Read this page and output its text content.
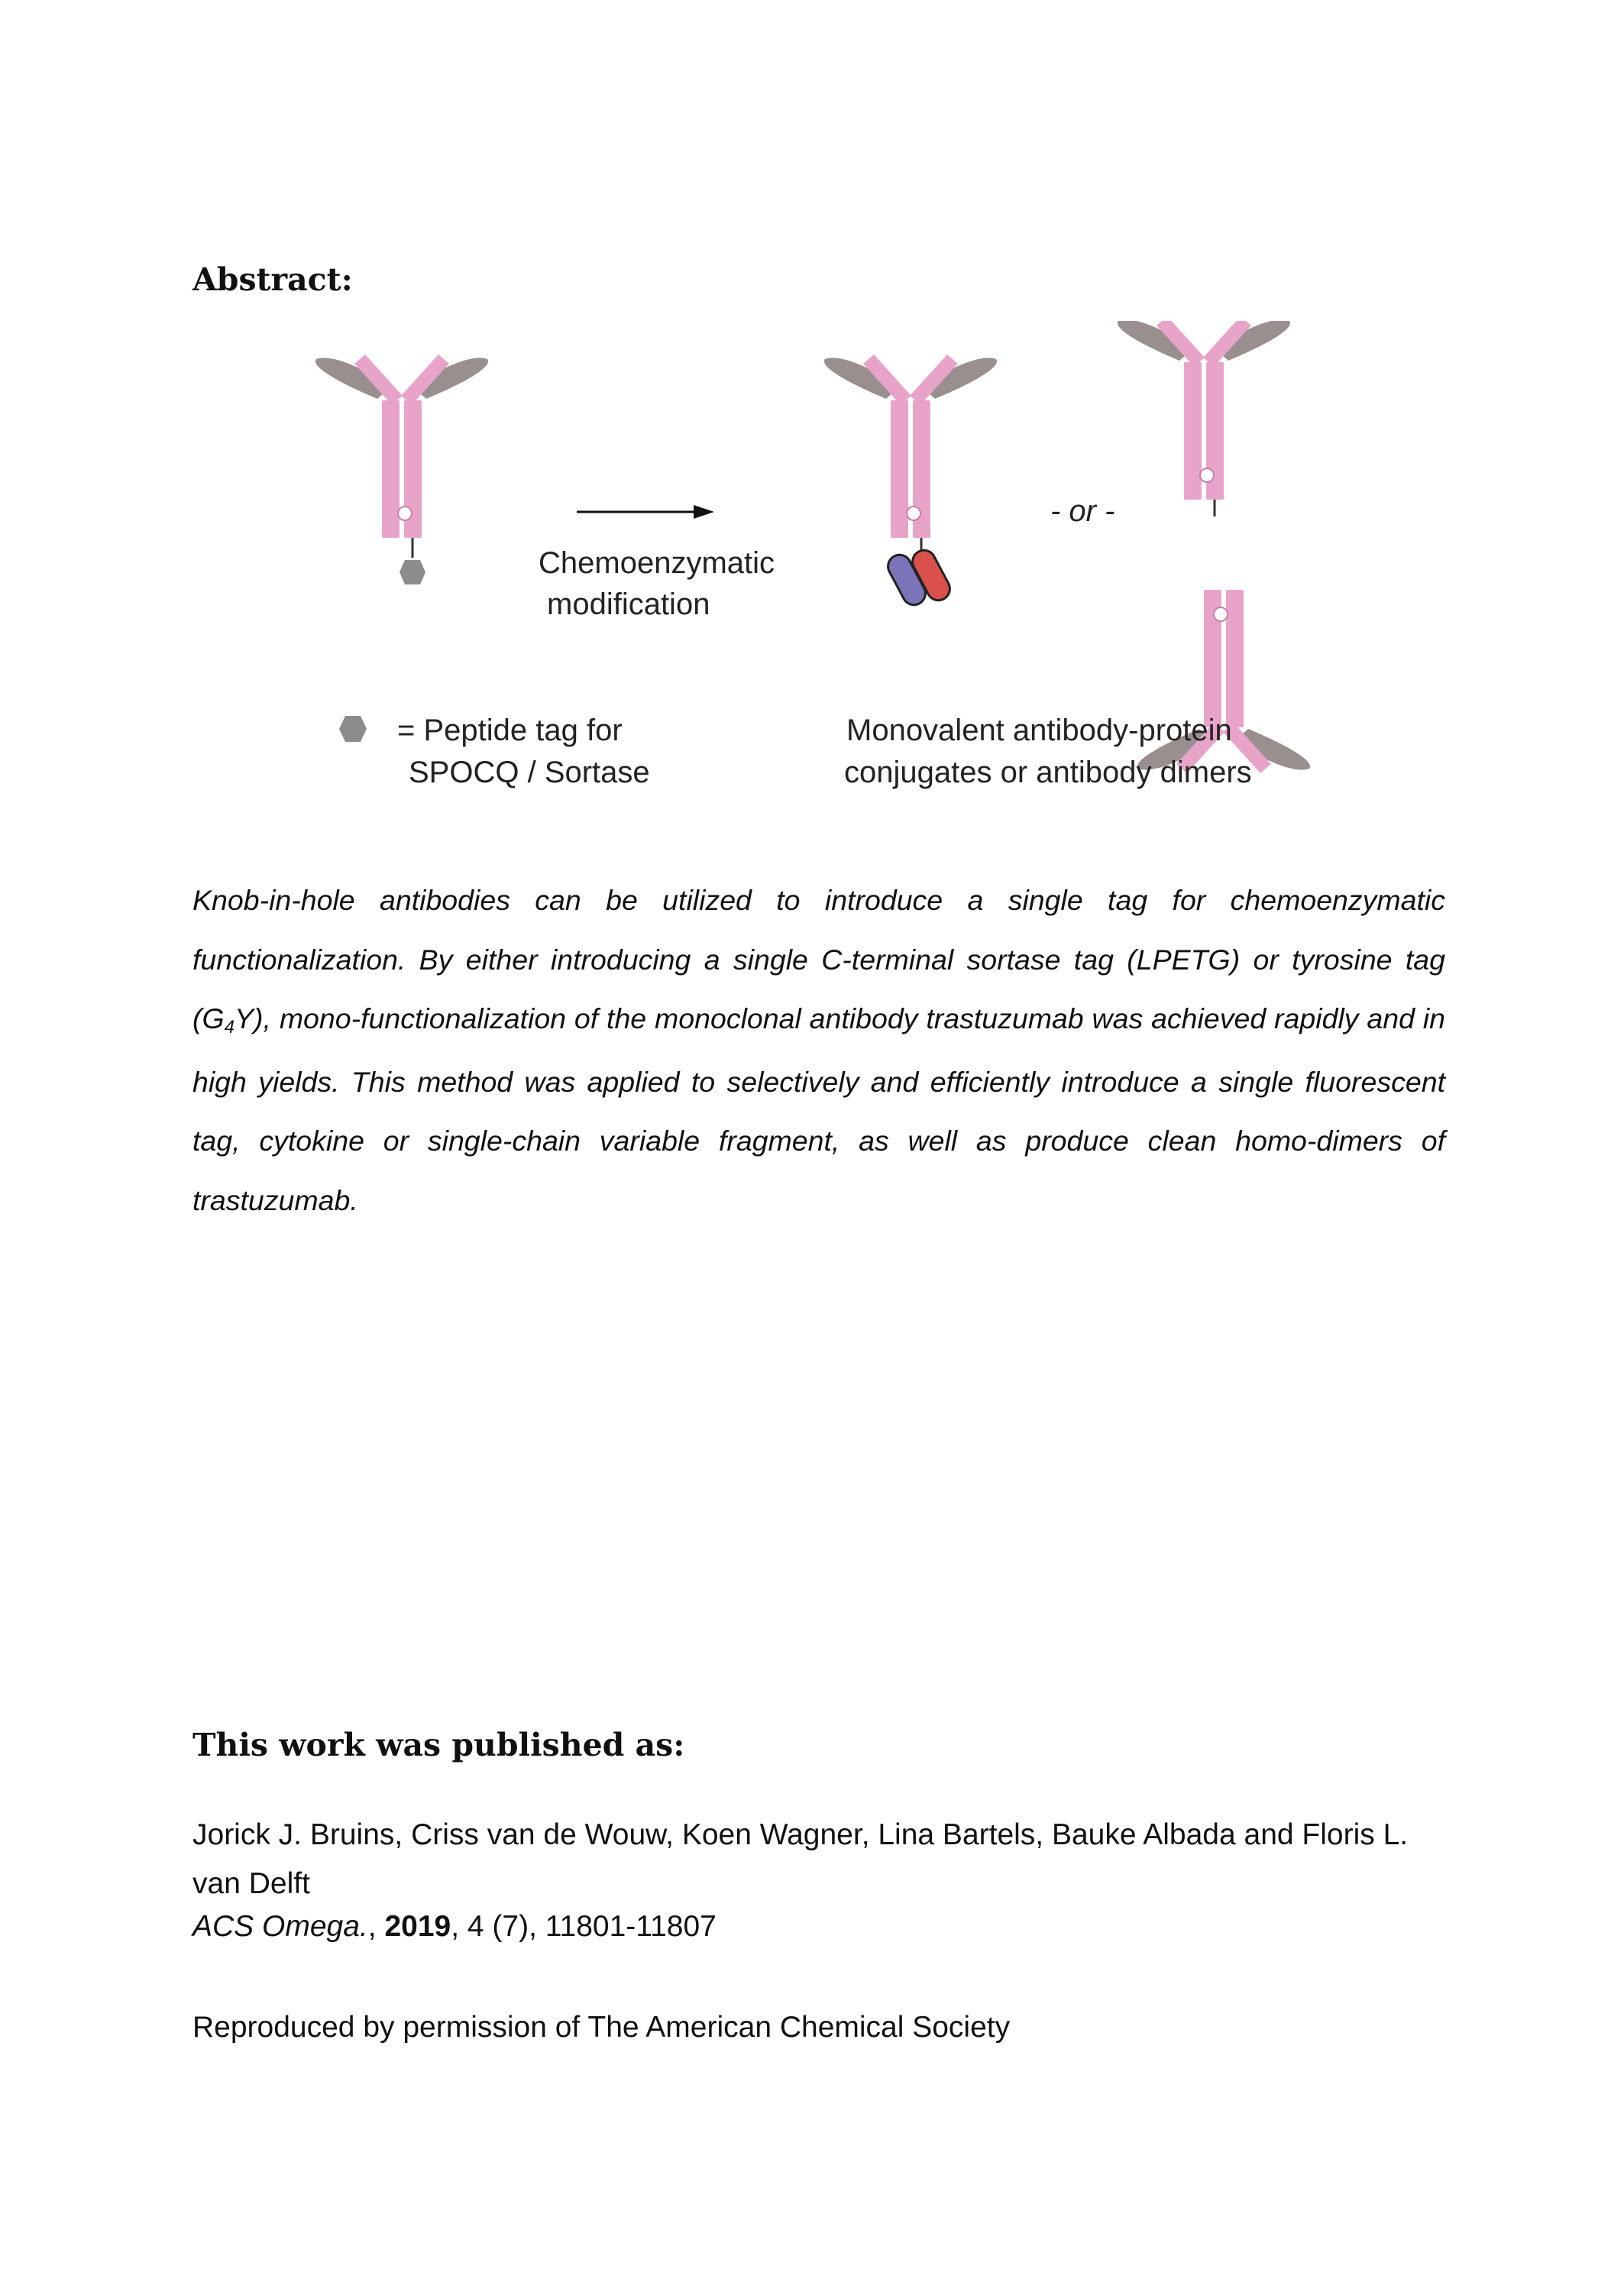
Abstract:
Chemoenzymatic
modification
- or -
= Peptide tag for
SPOCQ / Sortase
Monovalent antibody-protein
conjugates or antibody dimers

Knob-in-hole antibodies can be utilized to introduce a single tag for chemoenzymatic functionalization. By either introducing a single C-terminal sortase tag (LPETG) or tyrosine tag $(G_4Y)$, mono-functionalization of the monoclonal antibody trastuzumab was achieved rapidly and in high yields. This method was applied to selectively and efficiently introduce a single fluorescent tag, cytokine or single-chain variable fragment, as well as produce clean homo-dimers of trastuzumab.

This work was published as:

Jorick J. Bruins, Criss van de Wouw, Koen Wagner, Lina Bartels, Bauke Albada and Floris L. van Delft

ACS Omega., 2019, 4 (7), 11801-11807

Reproduced by permission of The American Chemical Society
